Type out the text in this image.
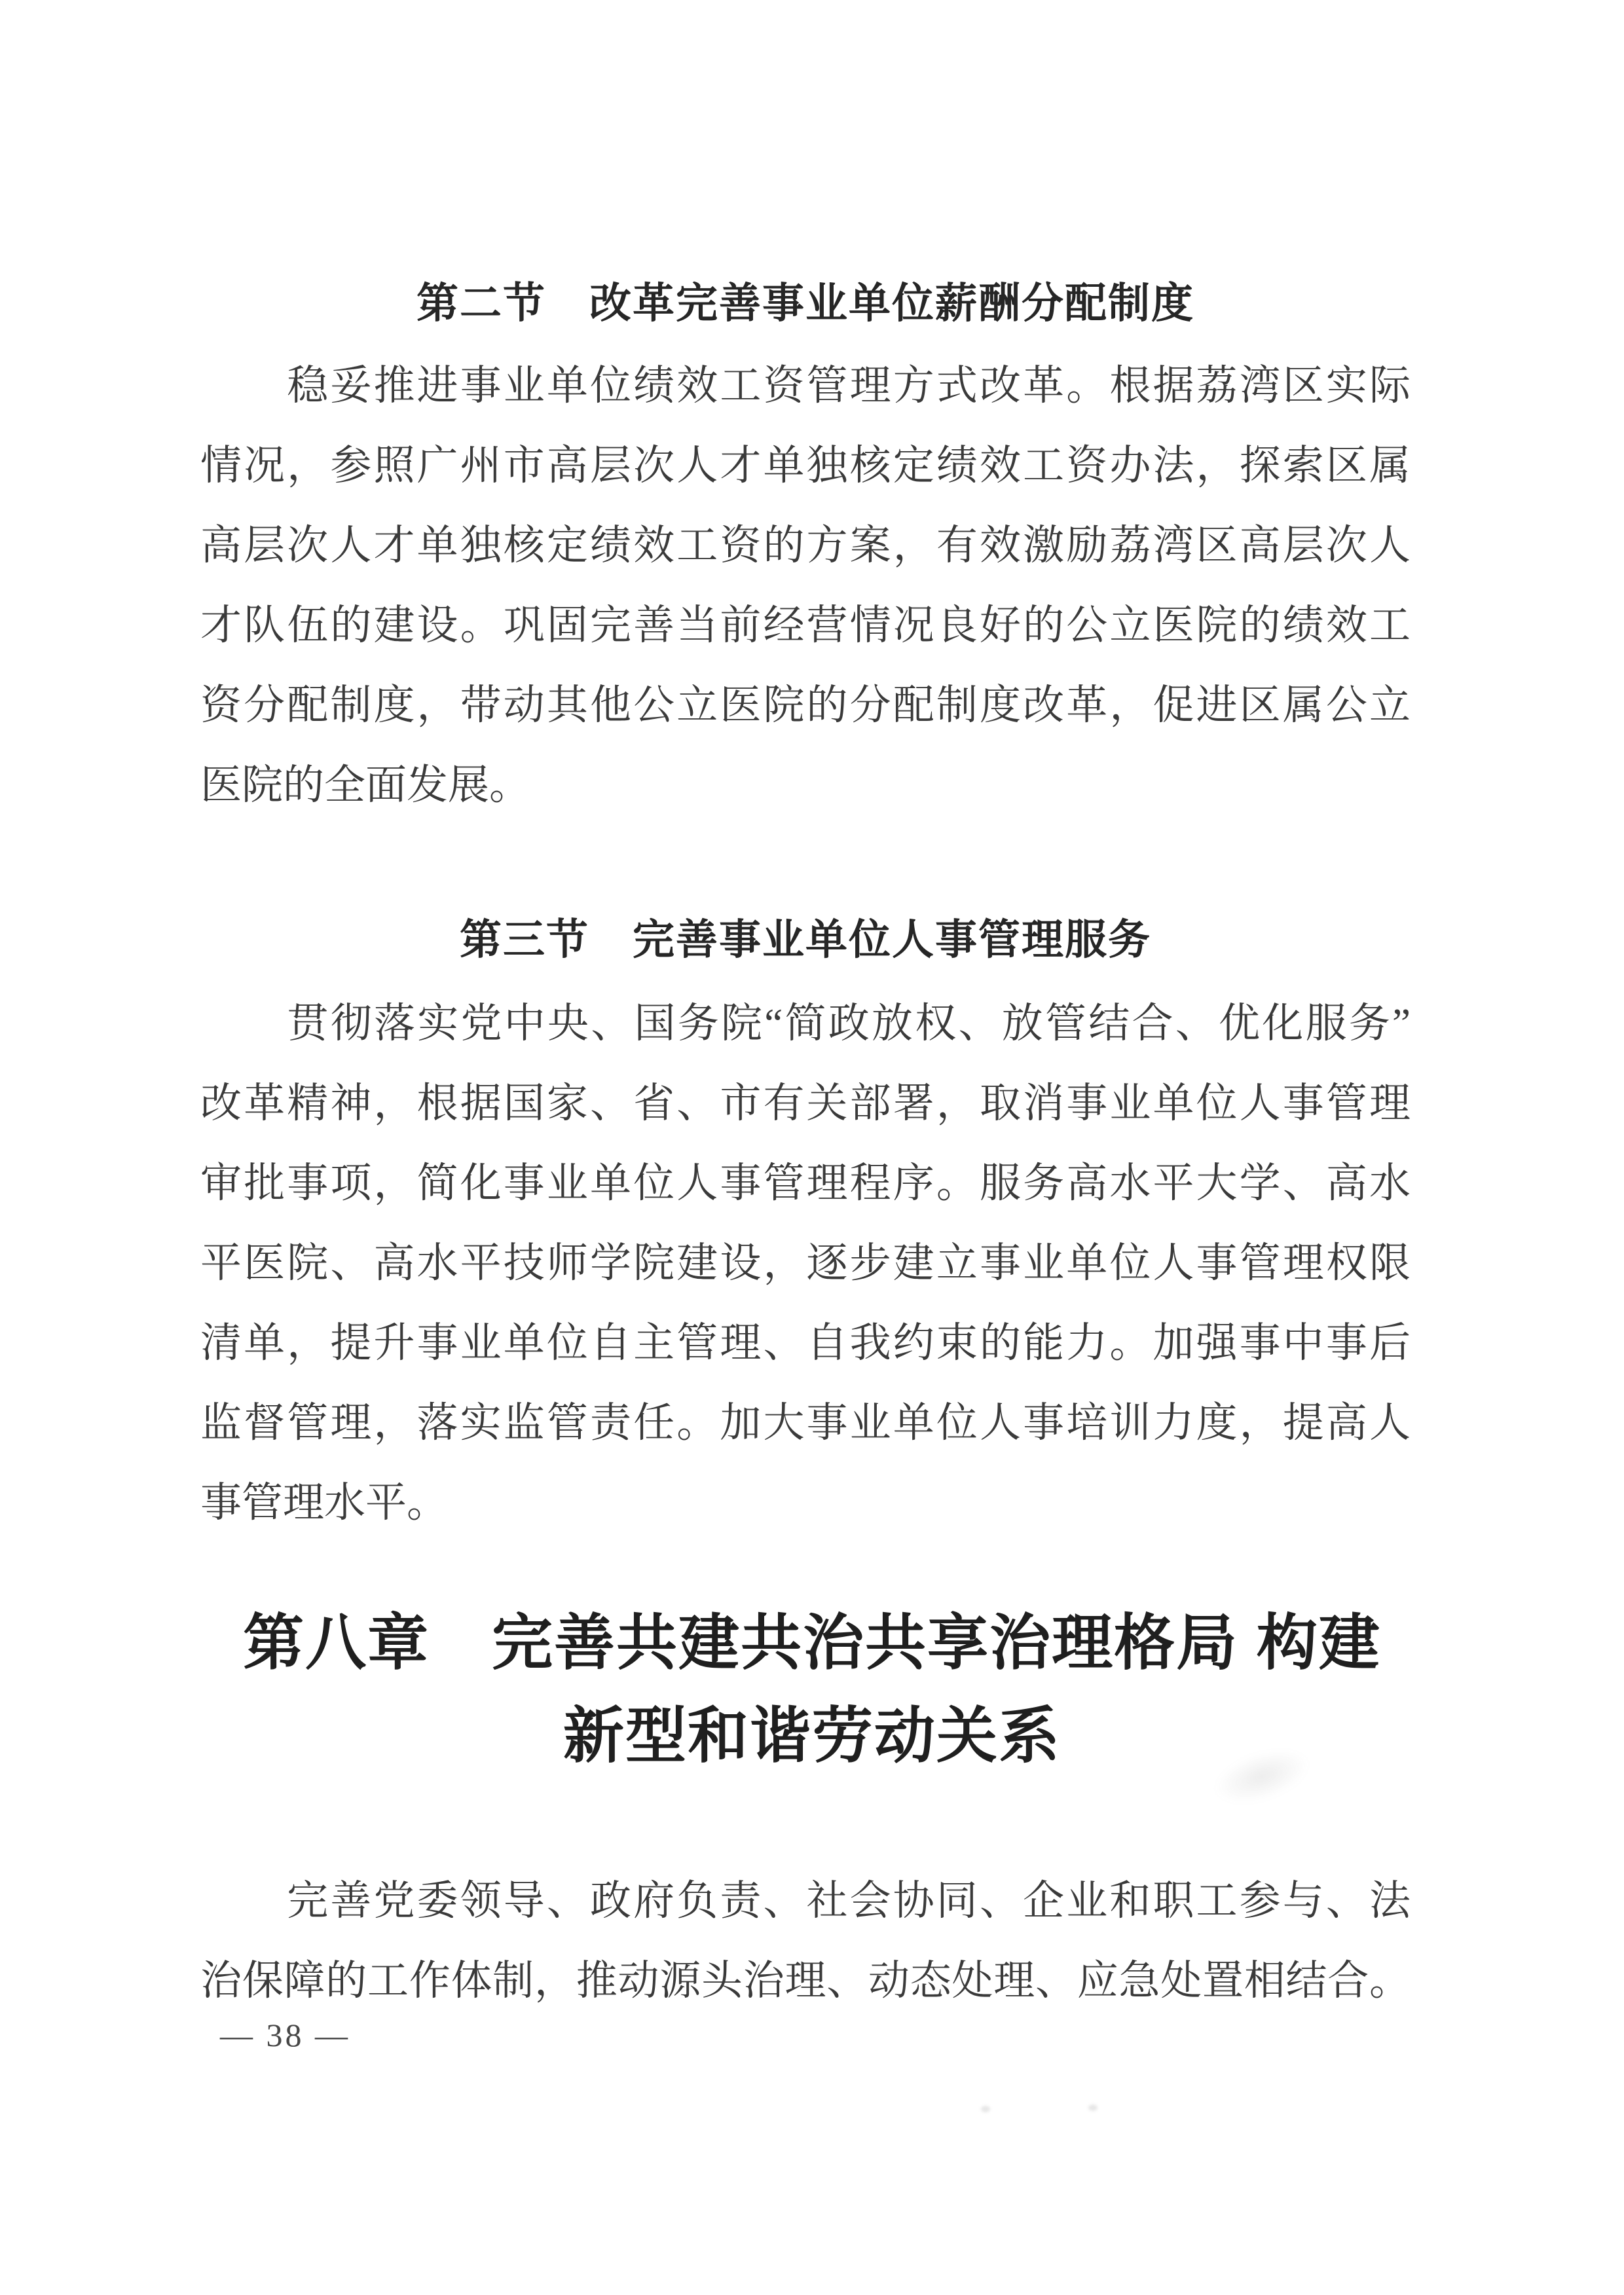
第二节　改革完善事业单位薪酬分配制度
　　稳妥推进事业单位绩效工资管理方式改革。根据荔湾区实际
情况，参照广州市高层次人才单独核定绩效工资办法，探索区属
高层次人才单独核定绩效工资的方案，有效激励荔湾区高层次人
才队伍的建设。巩固完善当前经营情况良好的公立医院的绩效工
资分配制度，带动其他公立医院的分配制度改革，促进区属公立
医院的全面发展。
第三节　完善事业单位人事管理服务
　　贯彻落实党中央、国务院“简政放权、放管结合、优化服务”
改革精神，根据国家、省、市有关部署，取消事业单位人事管理
审批事项，简化事业单位人事管理程序。服务高水平大学、高水
平医院、高水平技师学院建设，逐步建立事业单位人事管理权限
清单，提升事业单位自主管理、自我约束的能力。加强事中事后
监督管理，落实监管责任。加大事业单位人事培训力度，提高人
事管理水平。
第八章　完善共建共治共享治理格局 构建
新型和谐劳动关系
　　完善党委领导、政府负责、社会协同、企业和职工参与、法
治保障的工作体制，推动源头治理、动态处理、应急处置相结合。
— 38 —
